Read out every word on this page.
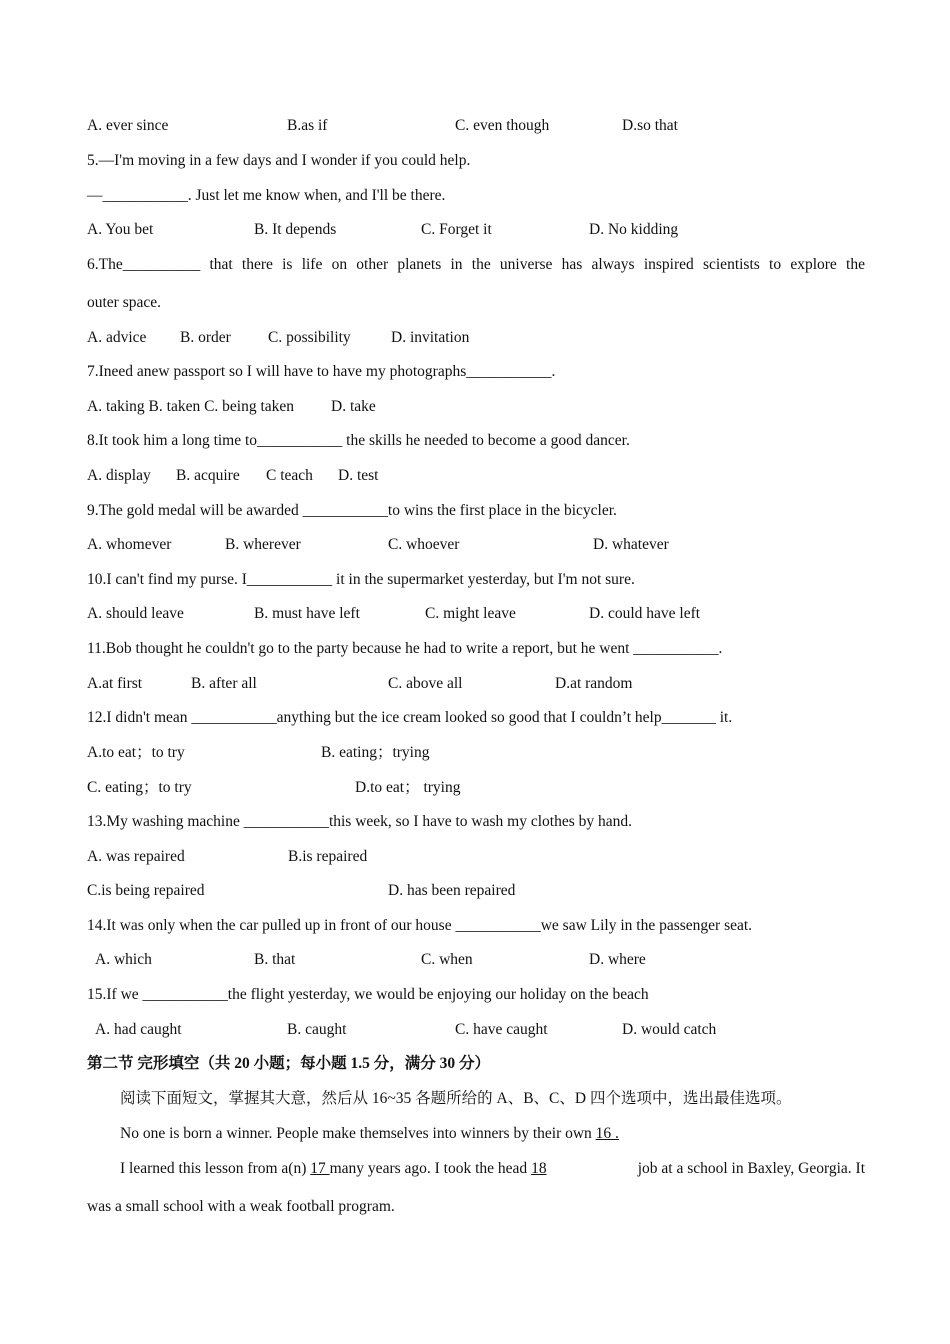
A. ever since	B.as if	C. even though	D.so that
5.—I'm moving in a few days and I wonder if you could help.
—___________. Just let me know when, and I'll be there.
A. You bet	B. It depends	C. Forget it	D. No kidding
6.The__________ that there is life on other planets in the universe has always inspired scientists to explore the
outer space.
A. advice B. order C. possibility	D. invitation
7.Ineed anew passport so I will have to have my photographs___________.
A. taking B. taken C. being taken D. take
8.It took him a long time to___________ the skills he needed to become a good dancer.
A. display B. acquire C teach D. test
9.The gold medal will be awarded ___________to wins the first place in the bicycler.
A. whomever	B. wherever	C. whoever	D. whatever
10.I can't find my purse. I___________ it in the supermarket yesterday, but I'm not sure.
A. should leave	B. must have left	C. might leave	D. could have left
11.Bob thought he couldn't go to the party because he had to write a report, but he went ___________.
A.at first	B. after all	C. above all	D.at random
12.I didn't mean ___________anything but the ice cream looked so good that I couldn’t help_______ it.
A.to eat；to try	B. eating；trying
C. eating；to try	D.to eat； trying
13.My washing machine ___________this week, so I have to wash my clothes by hand.
A. was repaired	B.is repaired
C.is being repaired	D. has been repaired
14.It was only when the car pulled up in front of our house ___________we saw Lily in the passenger seat.
A. which	B. that	C. when	D. where
15.If we ___________the flight yesterday, we would be enjoying our holiday on the beach
A. had caught	B. caught	C. have caught	D. would catch
第二节 完形填空（共 20 小题；每小题 1.5 分，满分 30 分）
阅读下面短文，掌握其大意，然后从 16~35 各题所给的 A、B、C、D 四个选项中，选出最佳选项。
No one is born a winner. People make themselves into winners by their own 16 .
I learned this lesson from a(n) 17 many years ago. I took the head 18	job at a school in Baxley, Georgia. It
was a small school with a weak football program.
